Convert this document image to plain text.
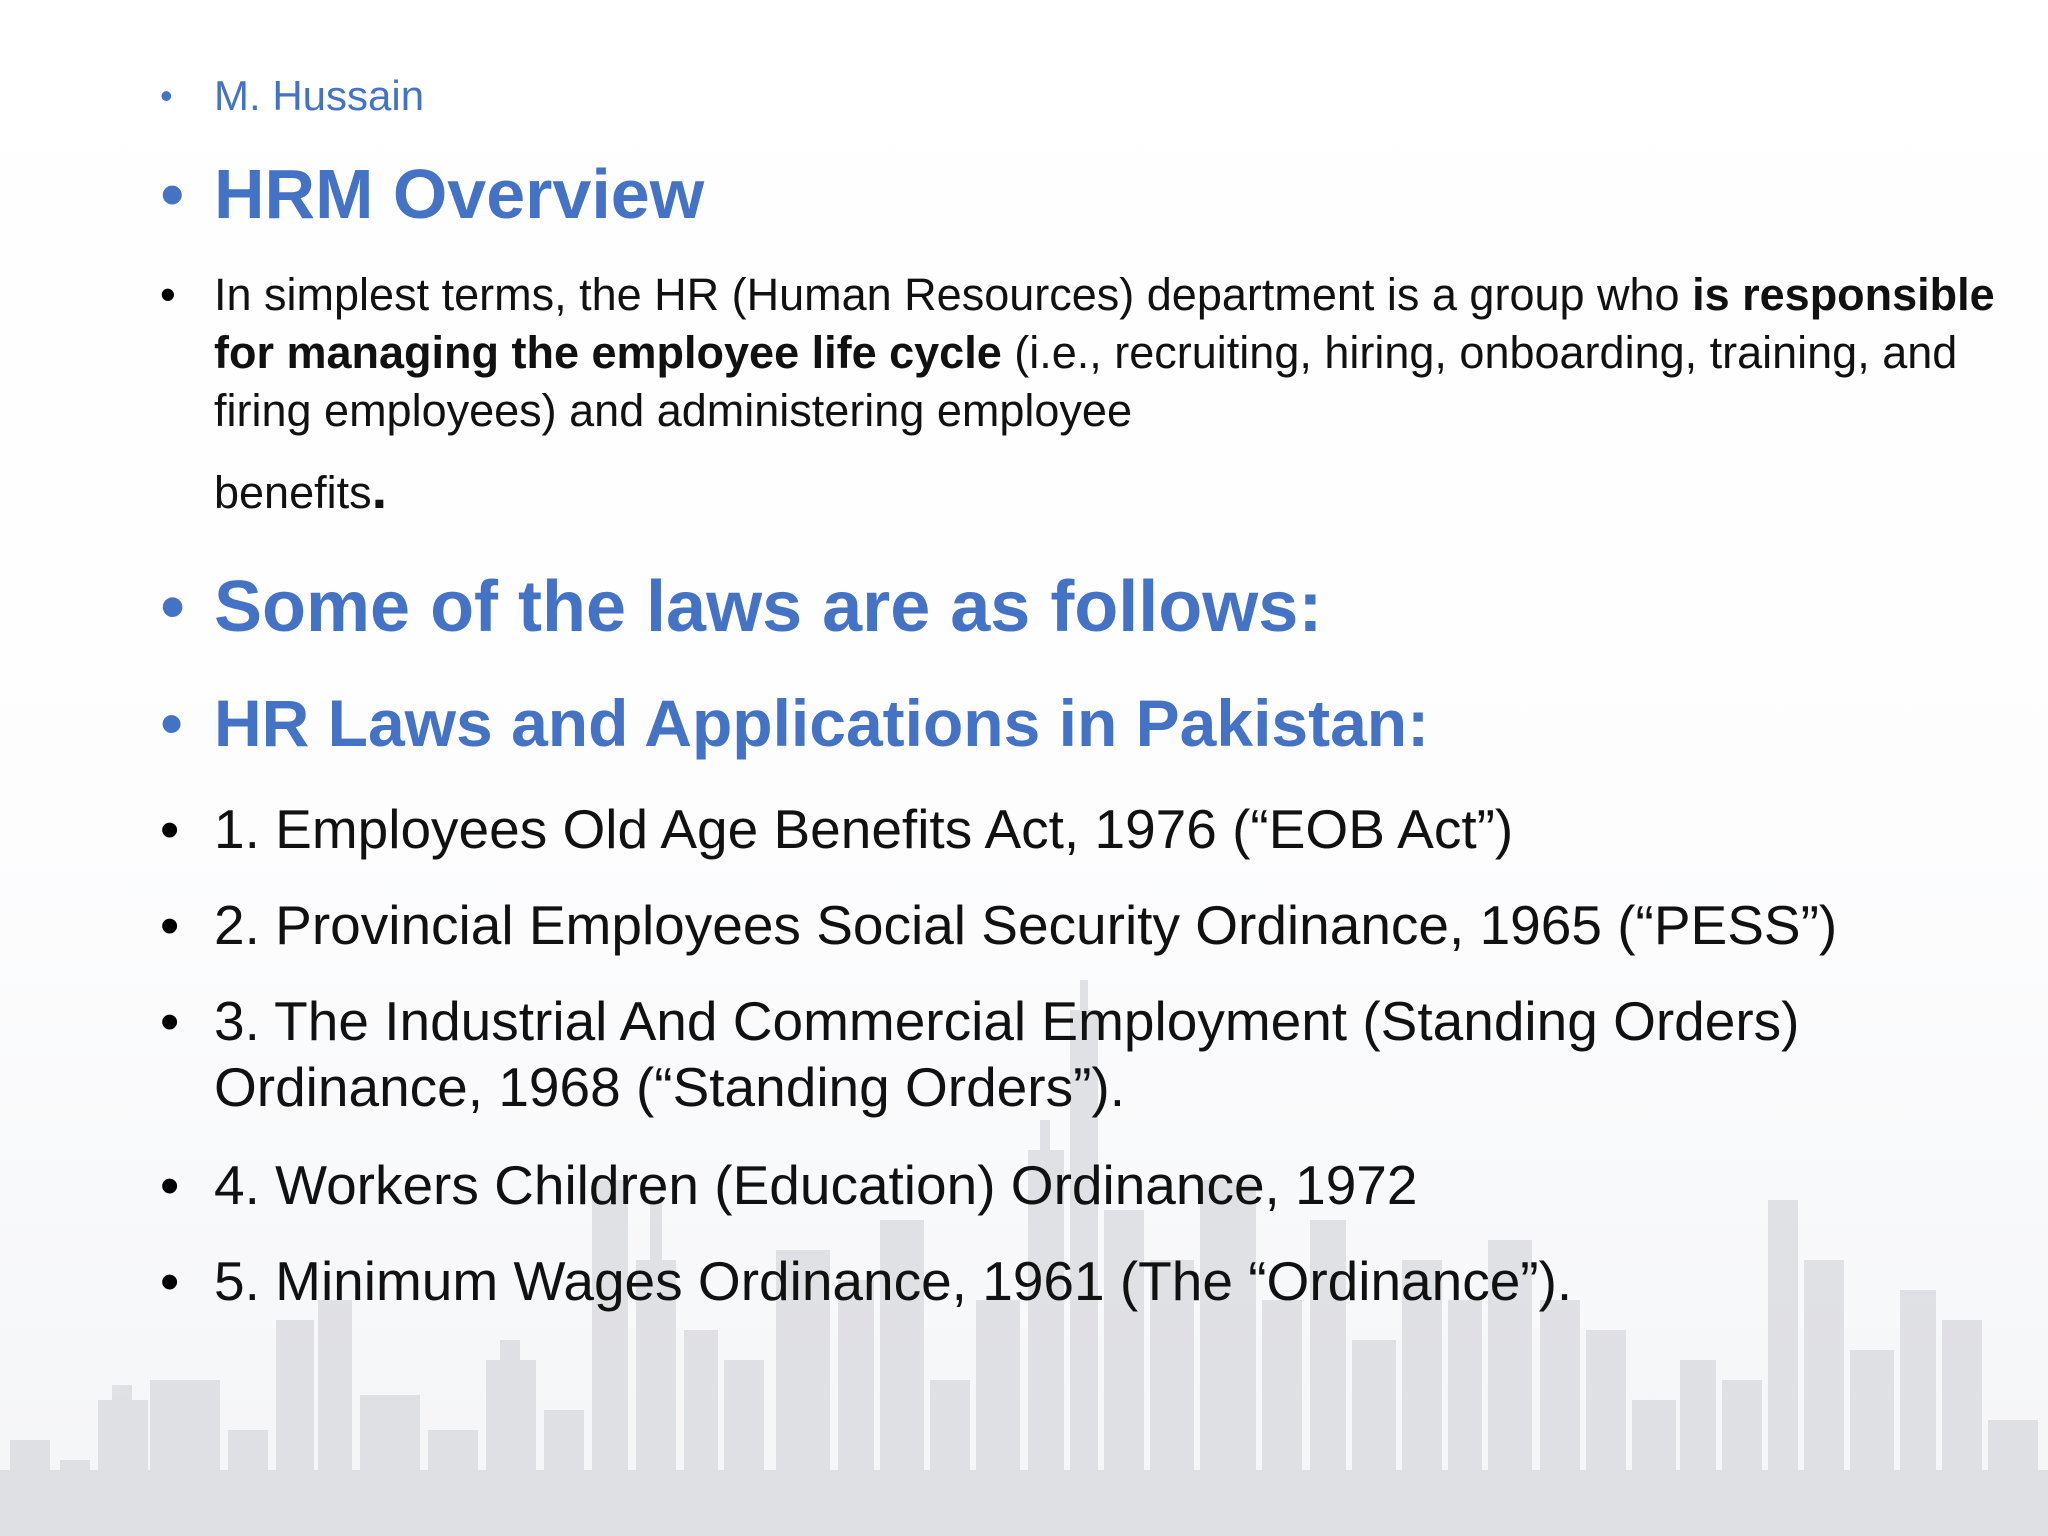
• M. Hussain
• HRM Overview
• In simplest terms, the HR (Human Resources) department is a group who is responsible for managing the employee life cycle (i.e., recruiting, hiring, onboarding, training, and firing employees) and administering employee
benefits.
• Some of the laws are as follows:
• HR Laws and Applications in Pakistan:
• 1. Employees Old Age Benefits Act, 1976 (“EOB Act”)
• 2. Provincial Employees Social Security Ordinance, 1965 (“PESS”)
• 3. The Industrial And Commercial Employment (Standing Orders) Ordinance, 1968 (“Standing Orders”).
• 4. Workers Children (Education) Ordinance, 1972
• 5. Minimum Wages Ordinance, 1961 (The “Ordinance”).
